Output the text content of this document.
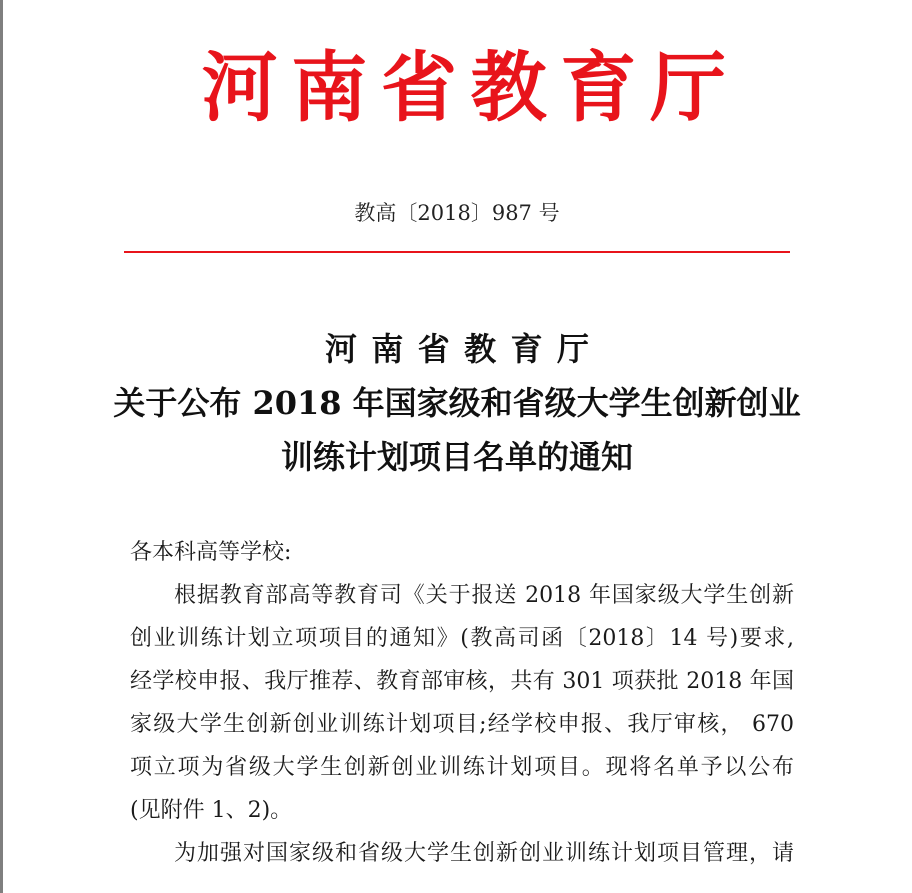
河南省教育厅
教高〔2018〕987 号
河南省教育厅
关于公布 2018 年国家级和省级大学生创新创业
训练计划项目名单的通知
各本科高等学校:
根据教育部高等教育司《关于报送 2018 年国家级大学生创新
创业训练计划立项项目的通知》(教高司函〔2018〕14 号)要求,
经学校申报、我厅推荐、教育部审核，共有 301 项获批 2018 年国
家级大学生创新创业训练计划项目;经学校申报、我厅审核， 670
项立项为省级大学生创新创业训练计划项目。现将名单予以公布
(见附件 1、2)。
为加强对国家级和省级大学生创新创业训练计划项目管理，请
